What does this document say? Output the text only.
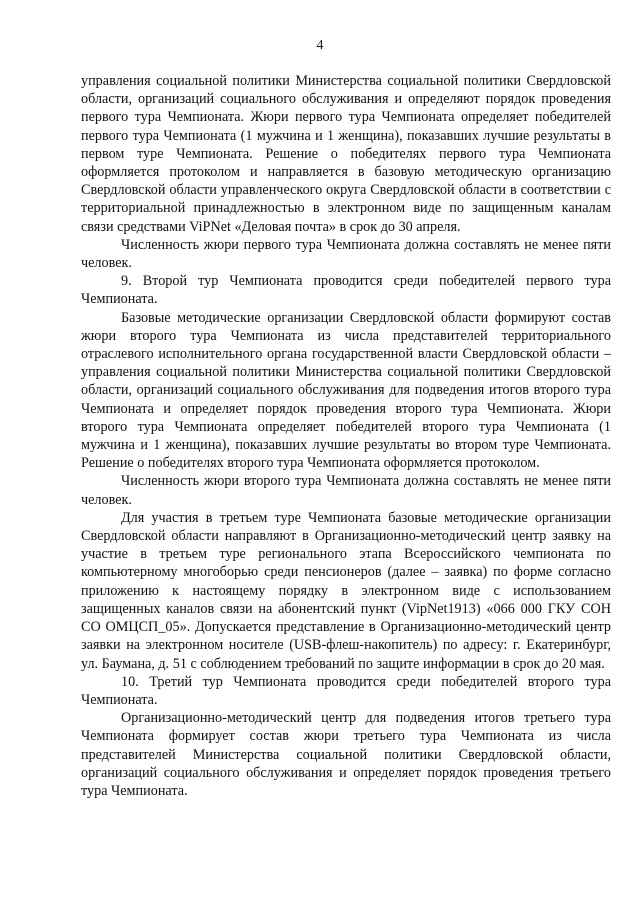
4

управления социальной политики Министерства социальной политики Свердловской области, организаций социального обслуживания и определяют порядок проведения первого тура Чемпионата. Жюри первого тура Чемпионата определяет победителей первого тура Чемпионата (1 мужчина и 1 женщина), показавших лучшие результаты в первом туре Чемпионата. Решение о победителях первого тура Чемпионата оформляется протоколом и направляется в базовую методическую организацию Свердловской области управленческого округа Свердловской области в соответствии с территориальной принадлежностью в электронном виде по защищенным каналам связи средствами ViPNet «Деловая почта» в срок до 30 апреля.

Численность жюри первого тура Чемпионата должна составлять не менее пяти человек.

9. Второй тур Чемпионата проводится среди победителей первого тура Чемпионата.

Базовые методические организации Свердловской области формируют состав жюри второго тура Чемпионата из числа представителей территориального отраслевого исполнительного органа государственной власти Свердловской области – управления социальной политики Министерства социальной политики Свердловской области, организаций социального обслуживания для подведения итогов второго тура Чемпионата и определяет порядок проведения второго тура Чемпионата. Жюри второго тура Чемпионата определяет победителей второго тура Чемпионата (1 мужчина и 1 женщина), показавших лучшие результаты во втором туре Чемпионата. Решение о победителях второго тура Чемпионата оформляется протоколом.

Численность жюри второго тура Чемпионата должна составлять не менее пяти человек.

Для участия в третьем туре Чемпионата базовые методические организации Свердловской области направляют в Организационно-методический центр заявку на участие в третьем туре регионального этапа Всероссийского чемпионата по компьютерному многоборью среди пенсионеров (далее – заявка) по форме согласно приложению к настоящему порядку в электронном виде с использованием защищенных каналов связи на абонентский пункт (VipNet1913) «066 000 ГКУ СОН СО ОМЦСП_05». Допускается представление в Организационно-методический центр заявки на электронном носителе (USB-флеш-накопитель) по адресу: г. Екатеринбург, ул. Баумана, д. 51 с соблюдением требований по защите информации в срок до 20 мая.

10. Третий тур Чемпионата проводится среди победителей второго тура Чемпионата.

Организационно-методический центр для подведения итогов третьего тура Чемпионата формирует состав жюри третьего тура Чемпионата из числа представителей Министерства социальной политики Свердловской области, организаций социального обслуживания и определяет порядок проведения третьего тура Чемпионата.
